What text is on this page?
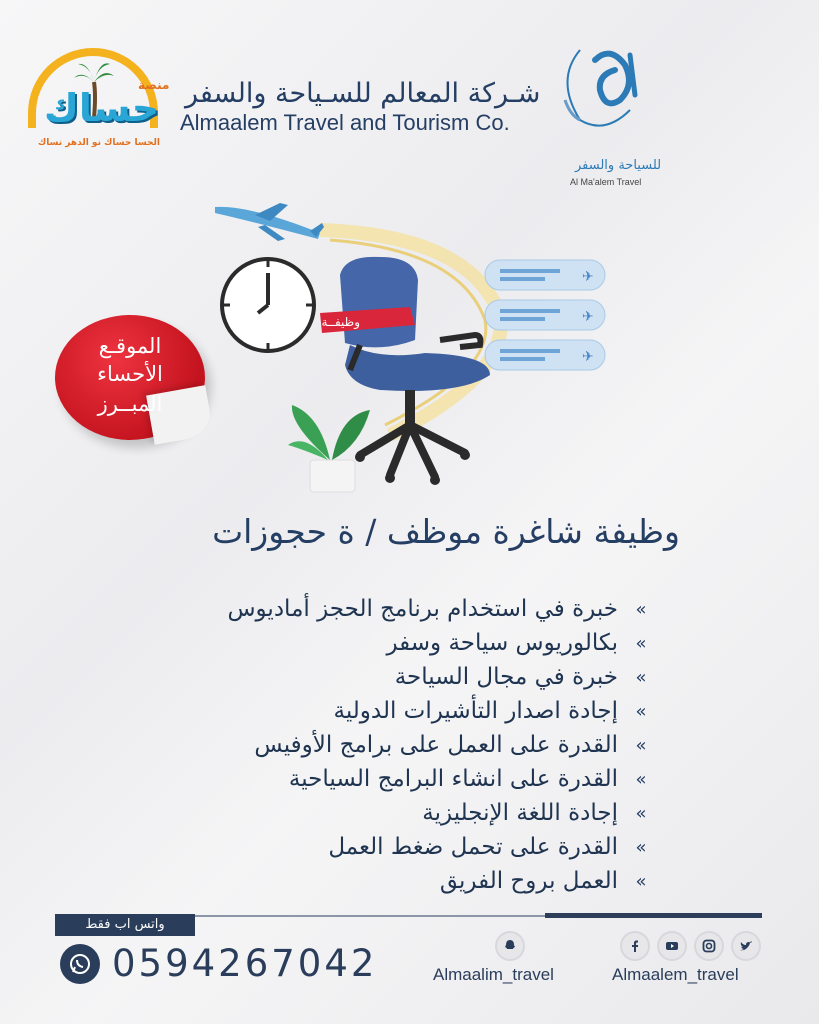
منصة
حساك
الحسا حساك نو الدهر نساك
شـركة المعالم للسـياحة والسفر
Almaalem Travel and Tourism Co.
للسياحة والسفر
Al Ma'alem Travel
✈
✈
✈
وظيفــة
الموقـع
الأحساء
المبــرز
وظيفة شاغرة موظف / ة حجوزات
»
خبرة في استخدام برنامج الحجز أماديوس
»
بكالوريوس سياحة وسفر
»
خبرة في مجال السياحة
»
إجادة اصدار التأشيرات الدولية
»
القدرة على العمل على برامج الأوفيس
»
القدرة على انشاء البرامج السياحية
»
إجادة اللغة الإنجليزية
»
القدرة على تحمل ضغط العمل
»
العمل بروح الفريق
واتس اب فقط
0594267042	Almaalim_travel	Almaalem_travel
